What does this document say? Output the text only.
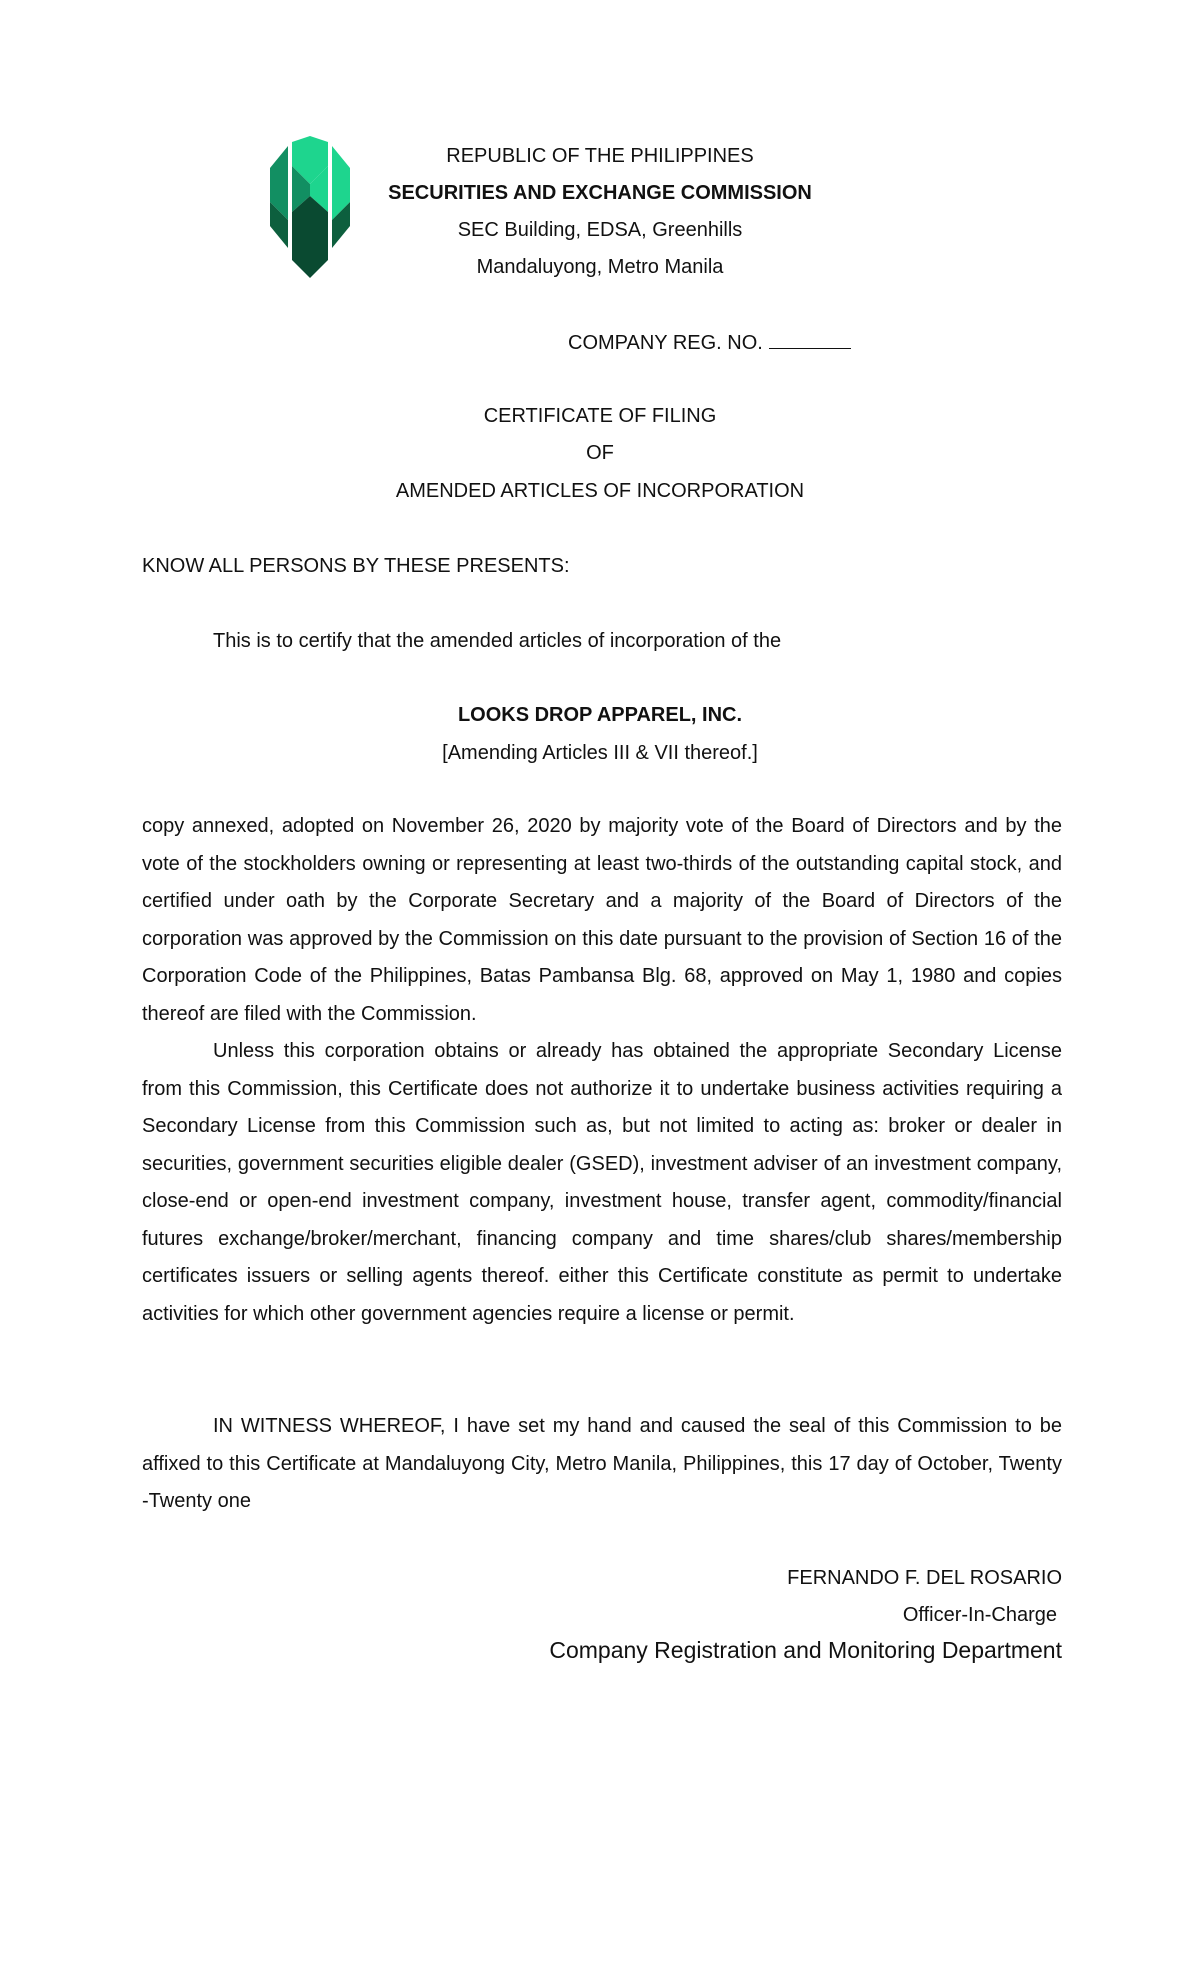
REPUBLIC OF THE PHILIPPINES
SECURITIES AND EXCHANGE COMMISSION
SEC Building, EDSA, Greenhills
Mandaluyong, Metro Manila
COMPANY REG. NO.
CERTIFICATE OF FILING
OF
AMENDED ARTICLES OF INCORPORATION
KNOW ALL PERSONS BY THESE PRESENTS:
This is to certify that the amended articles of incorporation of the
LOOKS DROP APPAREL, INC.
[Amending Articles III & VII thereof.]

copy annexed, adopted on November 26, 2020 by majority vote of the Board of Directors and by the vote of the stockholders owning or representing at least two-thirds of the outstanding capital stock, and certified under oath by the Corporate Secretary and a majority of the Board of Directors of the corporation was approved by the Commission on this date pursuant to the provision of Section 16 of the Corporation Code of the Philippines, Batas Pambansa Blg. 68, approved on May 1, 1980 and copies thereof are filed with the Commission.

Unless this corporation obtains or already has obtained the appropriate Secondary License from this Commission, this Certificate does not authorize it to undertake business activities requiring a Secondary License from this Commission such as, but not limited to acting as: broker or dealer in securities, government securities eligible dealer (GSED), investment adviser of an investment company, close-end or open-end investment company, investment house, transfer agent, commodity/financial futures exchange/broker/merchant, financing company and time shares/club shares/membership certificates issuers or selling agents thereof. either this Certificate constitute as permit to undertake activities for which other government agencies require a license or permit.

IN WITNESS WHEREOF, I have set my hand and caused the seal of this Commission to be affixed to this Certificate at Mandaluyong City, Metro Manila, Philippines, this 17 day of October, Twenty -Twenty one

FERNANDO F. DEL ROSARIO
Officer-In-Charge
Company Registration and Monitoring Department
